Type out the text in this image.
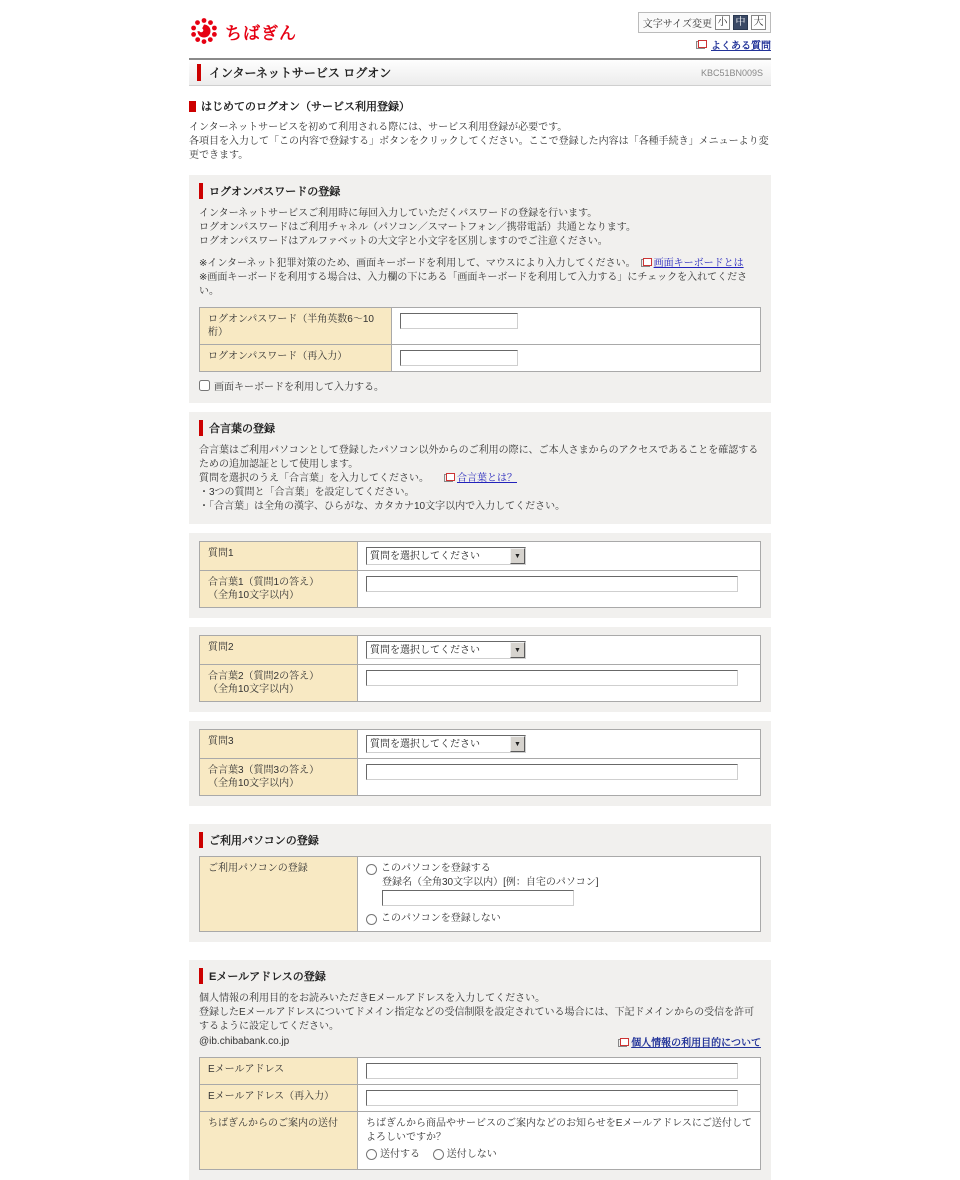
ちばぎん	文字サイズ変更 小 中 大
よくある質問
インターネットサービス ログオン	KBC51BN009S
はじめてのログオン（サービス利用登録）

インターネットサービスを初めて利用される際には、サービス利用登録が必要です。

各項目を入力して「この内容で登録する」ボタンをクリックしてください。ここで登録した内容は「各種手続き」メニューより変更できます。

ログオンパスワードの登録

インターネットサービスご利用時に毎回入力していただくパスワードの登録を行います。

ログオンパスワードはご利用チャネル（パソコン／スマートフォン／携帯電話）共通となります。

ログオンパスワードはアルファベットの大文字と小文字を区別しますのでご注意ください。

※インターネット犯罪対策のため、画面キーボードを利用して、マウスにより入力してください。　 画面キーボードとは

※画面キーボードを利用する場合は、入力欄の下にある「画面キーボードを利用して入力する」にチェックを入れてください。

ログオンパスワード（半角英数6～10桁）	
ログオンパスワード（再入力）	
画面キーボードを利用して入力する。
合言葉の登録

合言葉はご利用パソコンとして登録したパソコン以外からのご利用の際に、ご本人さまからのアクセスであることを確認するための追加認証として使用します。

質問を選択のうえ「合言葉」を入力してください。　　	合言葉とは？

・3つの質問と「合言葉」を設定してください。

・「合言葉」は全角の漢字、ひらがな、カタカナ10文字以内で入力してください。

質問1	質問を選択してください ▼

合言葉1（質問1の答え）
（全角10文字以内）

質問2	質問を選択してください ▼

合言葉2（質問2の答え）
（全角10文字以内）

質問3	質問を選択してください ▼

合言葉3（質問3の答え）
（全角10文字以内）

ご利用パソコンの登録
ご利用パソコンの登録	このパソコンを登録する
登録名（全角30文字以内）[例：自宅のパソコン]
このパソコンを登録しない
Eメールアドレスの登録

個人情報の利用目的をお読みいただきEメールアドレスを入力してください。

登録したEメールアドレスについてドメイン指定などの受信制限を設定されている場合には、下記ドメインからの受信を許可するように設定してください。

@ib.chibabank.co.jp	個人情報の利用目的について
Eメールアドレス	
Eメールアドレス（再入力）	
ちばぎんからのご案内の送付	ちばぎんから商品やサービスのご案内などのお知らせをEメールアドレスにご送付してよろしいですか？
送付する
送付しない
